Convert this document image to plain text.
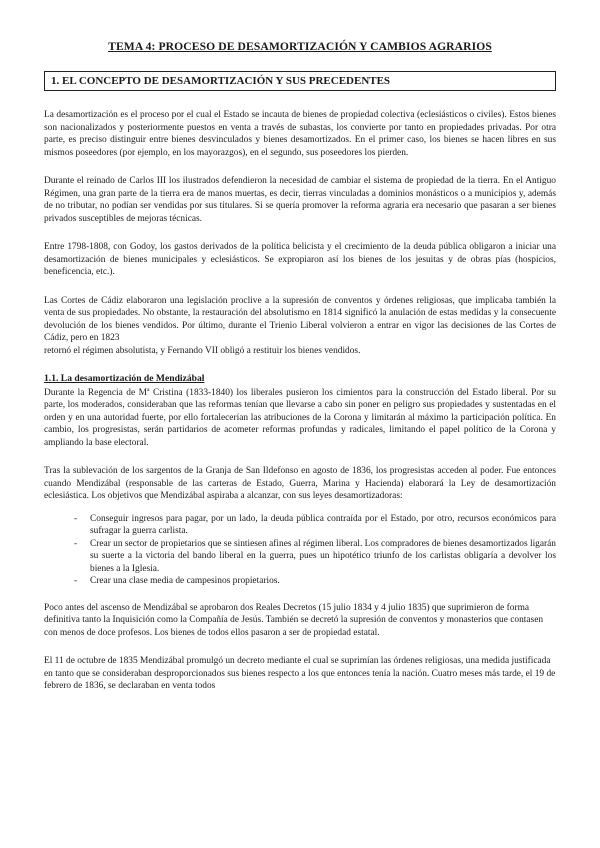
TEMA 4: PROCESO DE DESAMORTIZACIÓN Y CAMBIOS AGRARIOS
1. EL CONCEPTO DE DESAMORTIZACIÓN Y SUS PRECEDENTES

La desamortización es el proceso por el cual el Estado se incauta de bienes de propiedad colectiva (eclesiásticos o civiles). Estos bienes son nacionalizados y posteriormente puestos en venta a través de subastas, los convierte por tanto en propiedades privadas. Por otra parte, es preciso distinguir entre bienes desvinculados y bienes desamortizados. En el primer caso, los bienes se hacen libres en sus mismos poseedores (por ejemplo, en los mayorazgos), en el segundo, sus poseedores los pierden.

Durante el reinado de Carlos III los ilustrados defendieron la necesidad de cambiar el sistema de propiedad de la tierra. En el Antiguo Régimen, una gran parte de la tierra era de manos muertas, es decir, tierras vinculadas a dominios monásticos o a municipios y, además de no tributar, no podían ser vendidas por sus titulares. Si se quería promover la reforma agraria era necesario que pasaran a ser bienes privados susceptibles de mejoras técnicas.

Entre 1798-1808, con Godoy, los gastos derivados de la política belicista y el crecimiento de la deuda pública obligaron a iniciar una desamortización de bienes municipales y eclesiásticos. Se expropiaron así los bienes de los jesuitas y de obras pías (hospicios, beneficencia, etc.).

Las Cortes de Cádiz elaboraron una legislación proclive a la supresión de conventos y órdenes religiosas, que implicaba también la venta de sus propiedades. No obstante, la restauración del absolutismo en 1814 significó la anulación de estas medidas y la consecuente devolución de los bienes vendidos. Por último, durante el Trienio Liberal volvieron a entrar en vigor las decisiones de las Cortes de Cádiz, pero en 1823

retornó el régimen absolutista, y Fernando VII obligó a restituir los bienes vendidos.
1.1. La desamortización de Mendizábal

Durante la Regencia de Mª Cristina (1833-1840) los liberales pusieron los cimientos para la construcción del Estado liberal. Por su parte, los moderados, consideraban que las reformas tenían que llevarse a cabo sin poner en peligro sus propiedades y sustentadas en el orden y en una autoridad fuerte, por ello fortalecerían las atribuciones de la Corona y limitarán al máximo la participación política. En cambio, los progresistas, serán partidarios de acometer reformas profundas y radicales, limitando el papel político de la Corona y ampliando la base electoral.

Tras la sublevación de los sargentos de la Granja de San Ildefonso en agosto de 1836, los progresistas acceden al poder. Fue entonces cuando Mendizábal (responsable de las carteras de Estado, Guerra, Marina y Hacienda) elaborará la Ley de desamortización eclesiástica. Los objetivos que Mendizábal aspiraba a alcanzar, con sus leyes desamortizadoras:

- Conseguir ingresos para pagar, por un lado, la deuda pública contraída por el Estado, por otro, recursos económicos para sufragar la guerra carlista.
- Crear un sector de propietarios que se sintiesen afines al régimen liberal. Los compradores de bienes desamortizados ligarán su suerte a la victoria del bando liberal en la guerra, pues un hipotético triunfo de los carlistas obligaría a devolver los bienes a la Iglesia.
- Crear una clase media de campesinos propietarios.

Poco antes del ascenso de Mendizábal se aprobaron dos Reales Decretos (15 julio 1834 y 4 julio 1835) que suprimieron de forma definitiva tanto la Inquisición como la Compañía de Jesús. También se decretó la supresión de conventos y monasterios que contasen con menos de doce profesos. Los bienes de todos ellos pasaron a ser de propiedad estatal.

El 11 de octubre de 1835 Mendizábal promulgó un decreto mediante el cual se suprimían las órdenes religiosas, una medida justificada en tanto que se consideraban desproporcionados sus bienes respecto a los que entonces tenía la nación. Cuatro meses más tarde, el 19 de febrero de 1836, se declaraban en venta todos
